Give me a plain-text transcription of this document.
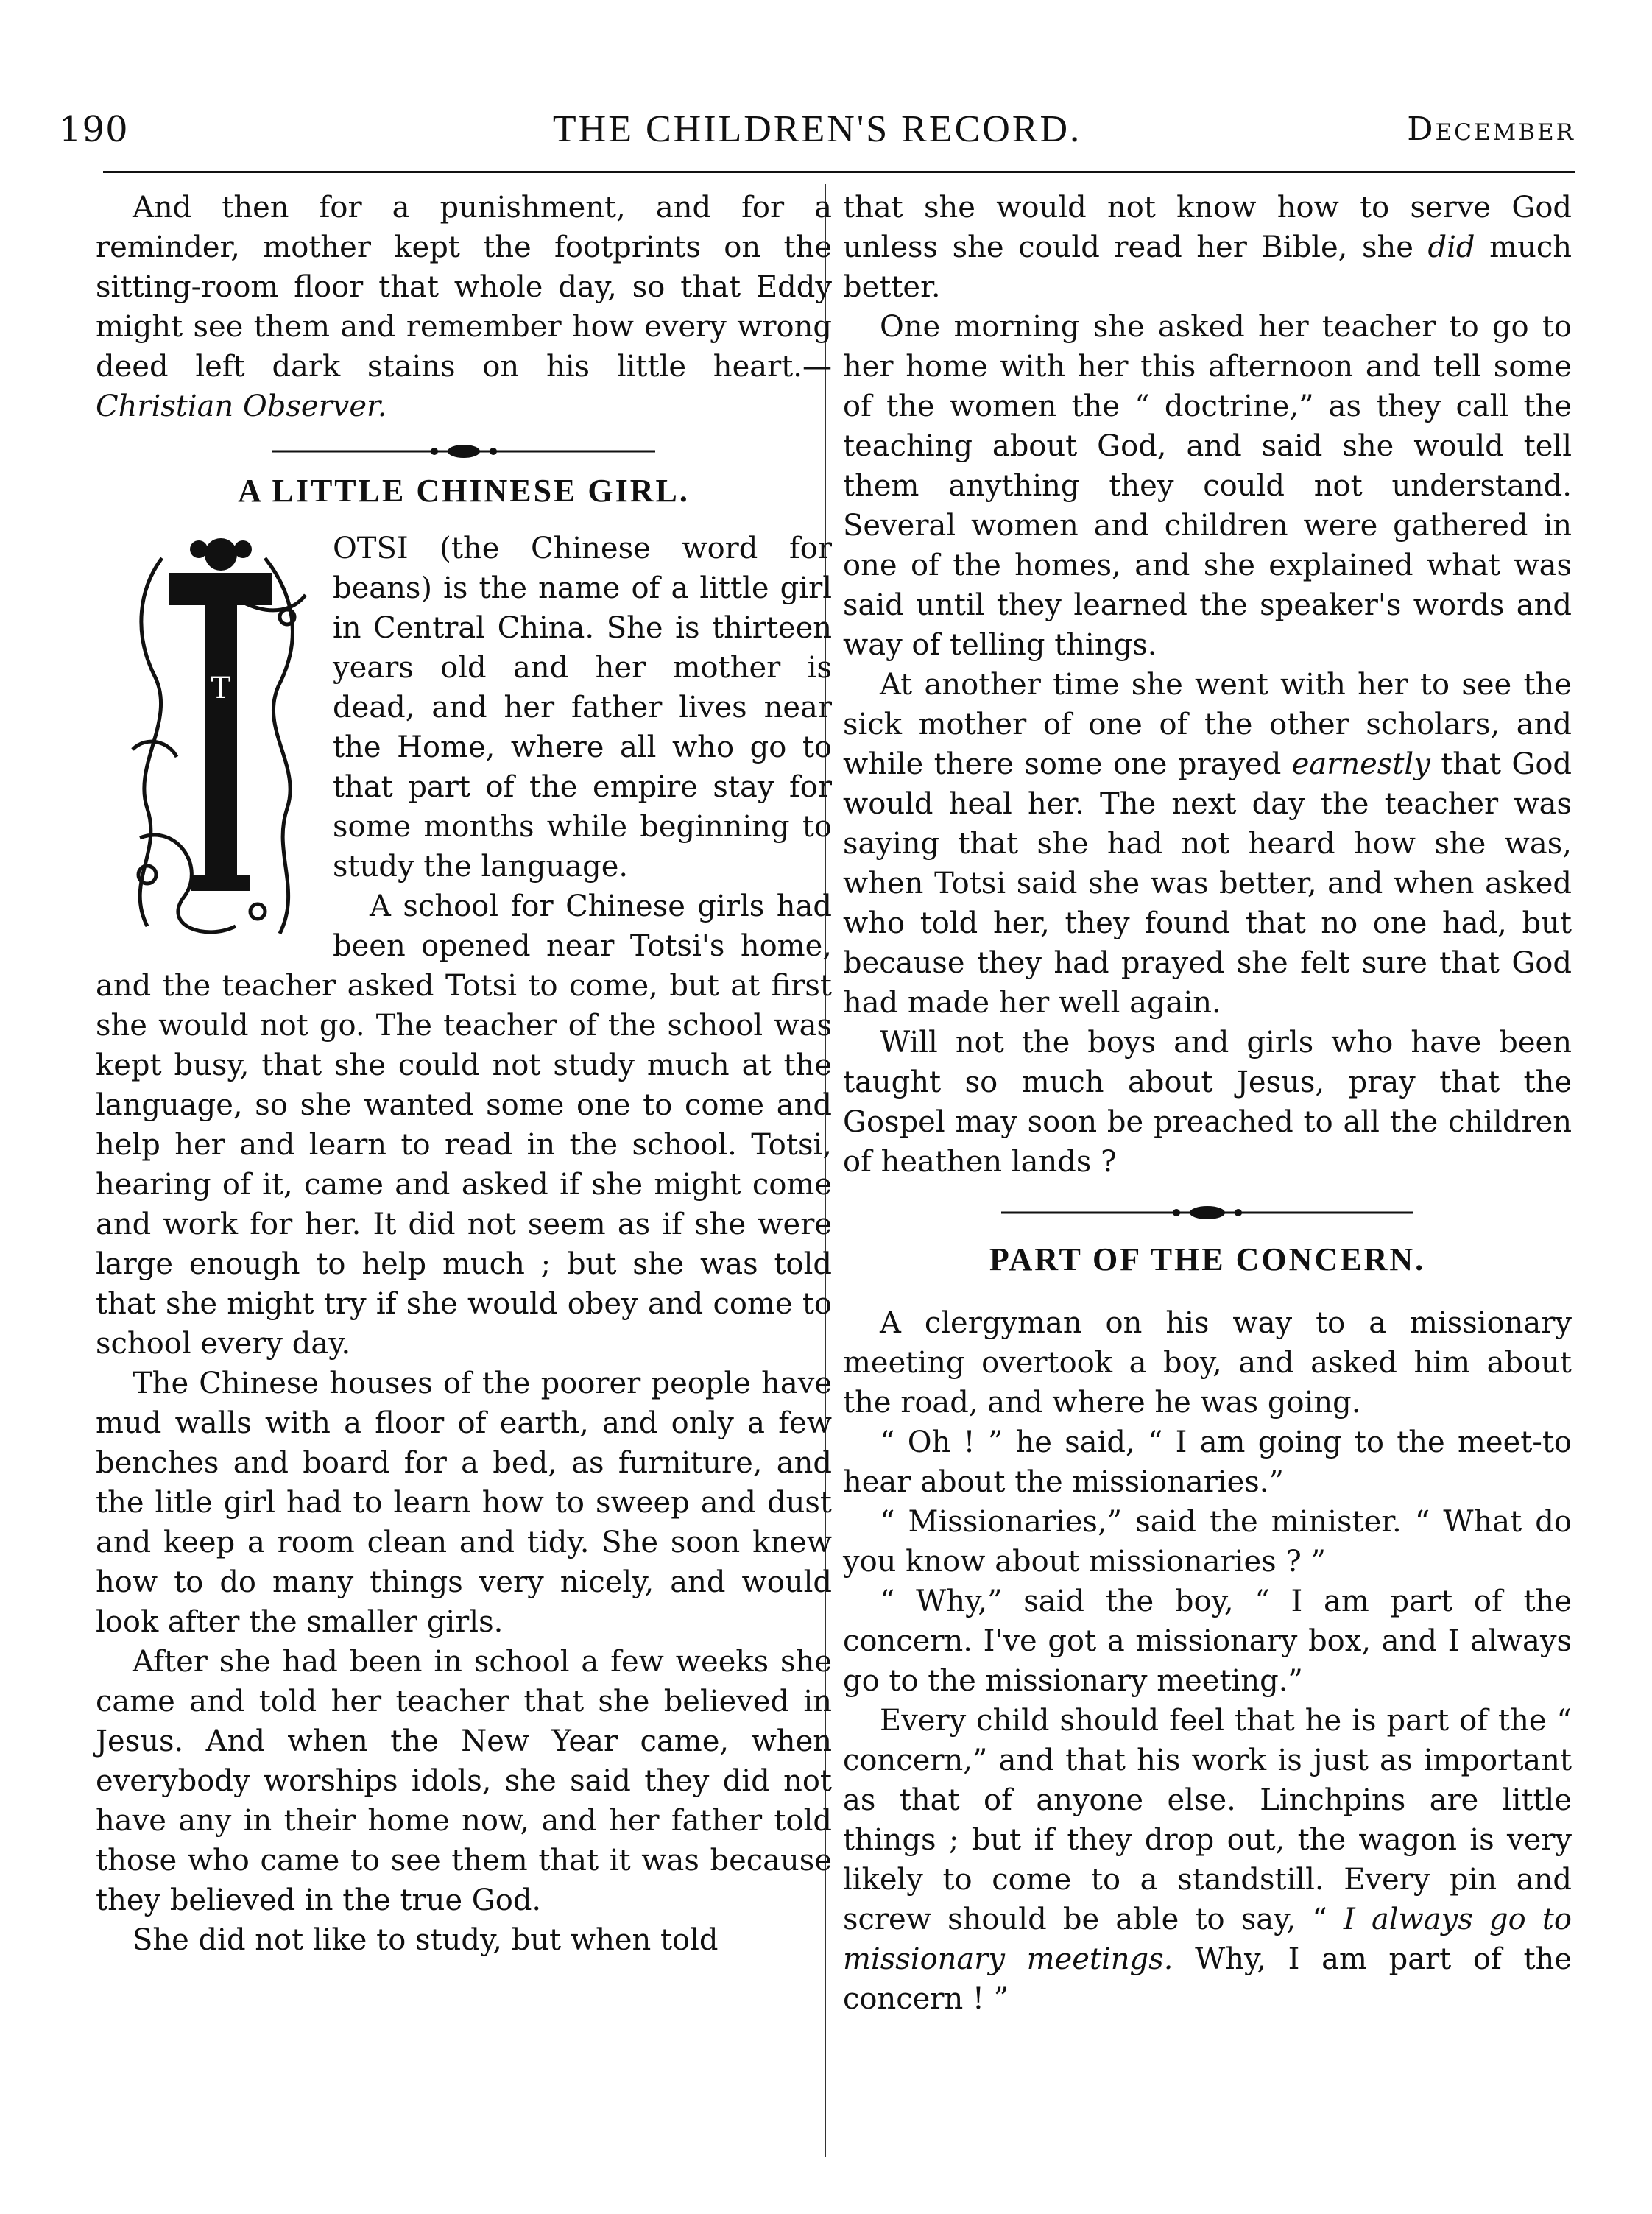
190	THE CHILDREN'S RECORD.	December

And then for a punishment, and for a reminder, mother kept the footprints on the sitting-room floor that whole day, so that Eddy might see them and remember how every wrong deed left dark stains on his little heart.—Christian Observer.

A LITTLE CHINESE GIRL.
T

OTSI (the Chinese word for beans) is the name of a little girl in Central China. She is thirteen years old and her mother is dead, and her father lives near the Home, where all who go to that part of the empire stay for some months while beginning to study the language.

A school for Chinese girls had been opened near Totsi's home, and the teacher asked Totsi to come, but at first she would not go. The teacher of the school was kept busy, that she could not study much at the language, so she wanted some one to come and help her and learn to read in the school. Totsi, hearing of it, came and asked if she might come and work for her. It did not seem as if she were large enough to help much ; but she was told that she might try if she would obey and come to school every day.

The Chinese houses of the poorer people have mud walls with a floor of earth, and only a few benches and board for a bed, as furniture, and the litle girl had to learn how to sweep and dust and keep a room clean and tidy. She soon knew how to do many things very nicely, and would look after the smaller girls.

After she had been in school a few weeks she came and told her teacher that she believed in Jesus. And when the New Year came, when everybody worships idols, she said they did not have any in their home now, and her father told those who came to see them that it was because they believed in the true God.

She did not like to study, but when told

that she would not know how to serve God unless she could read her Bible, she did much better.

One morning she asked her teacher to go to her home with her this afternoon and tell some of the women the “ doctrine,” as they call the teaching about God, and said she would tell them anything they could not understand. Several women and children were gathered in one of the homes, and she explained what was said until they learned the speaker's words and way of telling things.

At another time she went with her to see the sick mother of one of the other scholars, and while there some one prayed earnestly that God would heal her. The next day the teacher was saying that she had not heard how she was, when Totsi said she was better, and when asked who told her, they found that no one had, but because they had prayed she felt sure that God had made her well again.

Will not the boys and girls who have been taught so much about Jesus, pray that the Gospel may soon be preached to all the children of heathen lands ?

PART OF THE CONCERN.

A clergyman on his way to a missionary meeting overtook a boy, and asked him about the road, and where he was going.

“ Oh ! ” he said, “ I am going to the meet-to hear about the missionaries.”

“ Missionaries,” said the minister. “ What do you know about missionaries ? ”

“ Why,” said the boy, “ I am part of the concern. I've got a missionary box, and I always go to the missionary meeting.”

Every child should feel that he is part of the “ concern,” and that his work is just as important as that of anyone else. Linchpins are little things ; but if they drop out, the wagon is very likely to come to a standstill. Every pin and screw should be able to say, “ I always go to missionary meetings. Why, I am part of the concern ! ”
